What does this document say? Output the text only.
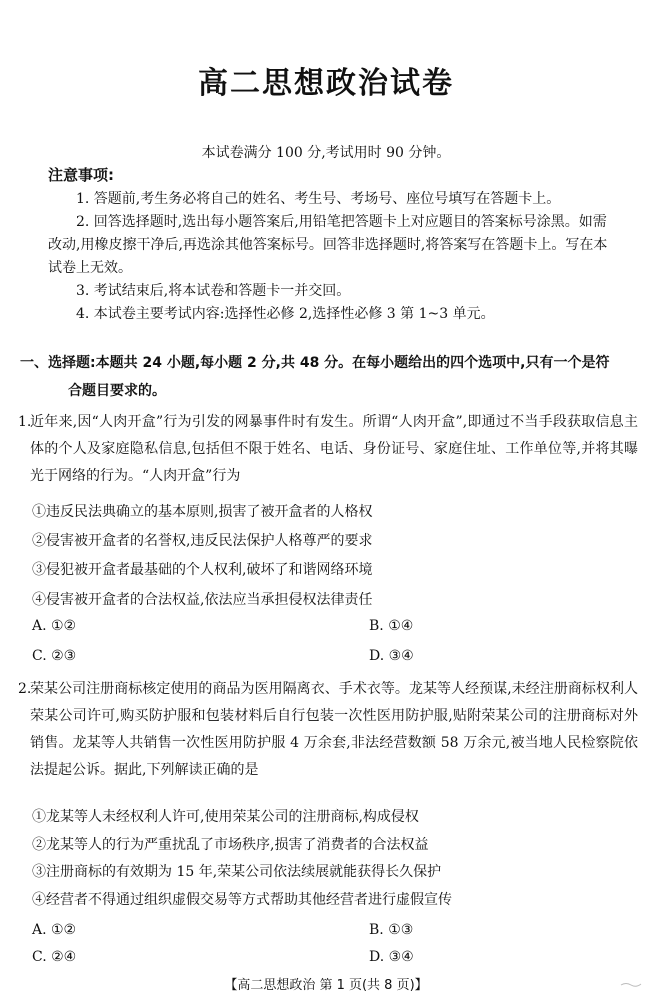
高二思想政治试卷
本试卷满分 100 分,考试用时 90 分钟。
注意事项:

1. 答题前,考生务必将自己的姓名、考生号、考场号、座位号填写在答题卡上。

2. 回答选择题时,选出每小题答案后,用铅笔把答题卡上对应题目的答案标号涂黑。如需改动,用橡皮擦干净后,再选涂其他答案标号。回答非选择题时,将答案写在答题卡上。写在本试卷上无效。

3. 考试结束后,将本试卷和答题卡一并交回。

4. 本试卷主要考试内容:选择性必修 2,选择性必修 3 第 1~3 单元。

一、选择题:本题共 24 小题,每小题 2 分,共 48 分。在每小题给出的四个选项中,只有一个是符
合题目要求的。
1.
近年来,因“人肉开盒”行为引发的网暴事件时有发生。所谓“人肉开盒”,即通过不当手段获取信息主体的个人及家庭隐私信息,包括但不限于姓名、电话、身份证号、家庭住址、工作单位等,并将其曝光于网络的行为。“人肉开盒”行为
①违反民法典确立的基本原则,损害了被开盒者的人格权
②侵害被开盒者的名誉权,违反民法保护人格尊严的要求
③侵犯被开盒者最基础的个人权利,破坏了和谐网络环境
④侵害被开盒者的合法权益,依法应当承担侵权法律责任
A. ①②	B. ①④
C. ②③	D. ③④
2.
荣某公司注册商标核定使用的商品为医用隔离衣、手术衣等。龙某等人经预谋,未经注册商标权利人荣某公司许可,购买防护服和包装材料后自行包装一次性医用防护服,贴附荣某公司的注册商标对外销售。龙某等人共销售一次性医用防护服 4 万余套,非法经营数额 58 万余元,被当地人民检察院依法提起公诉。据此,下列解读正确的是
①龙某等人未经权利人许可,使用荣某公司的注册商标,构成侵权
②龙某等人的行为严重扰乱了市场秩序,损害了消费者的合法权益
③注册商标的有效期为 15 年,荣某公司依法续展就能获得长久保护
④经营者不得通过组织虚假交易等方式帮助其他经营者进行虚假宣传
A. ①②	B. ①③
C. ②④	D. ③④
【高二思想政治 第 1 页(共 8 页)】
